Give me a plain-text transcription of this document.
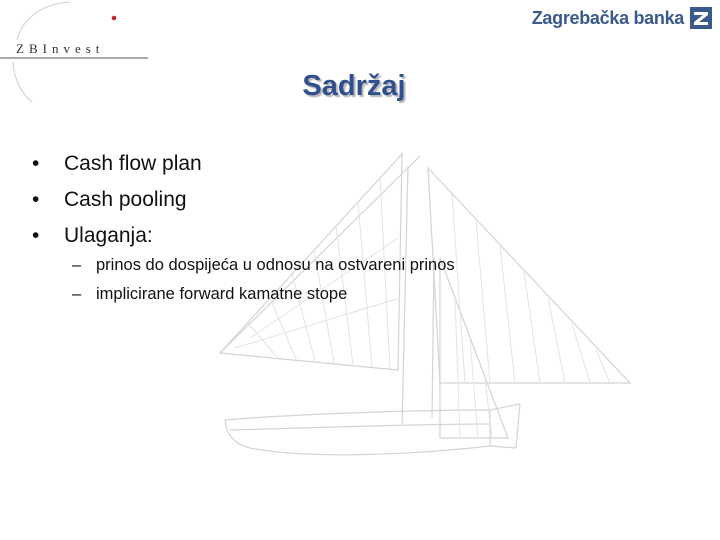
ZBInvest
Zagrebačka banka
Sadržaj
•	Cash flow plan
•	Cash pooling
•	Ulaganja:
– prinos do dospijeća u odnosu na ostvareni prinos
– implicirane forward kamatne stope
